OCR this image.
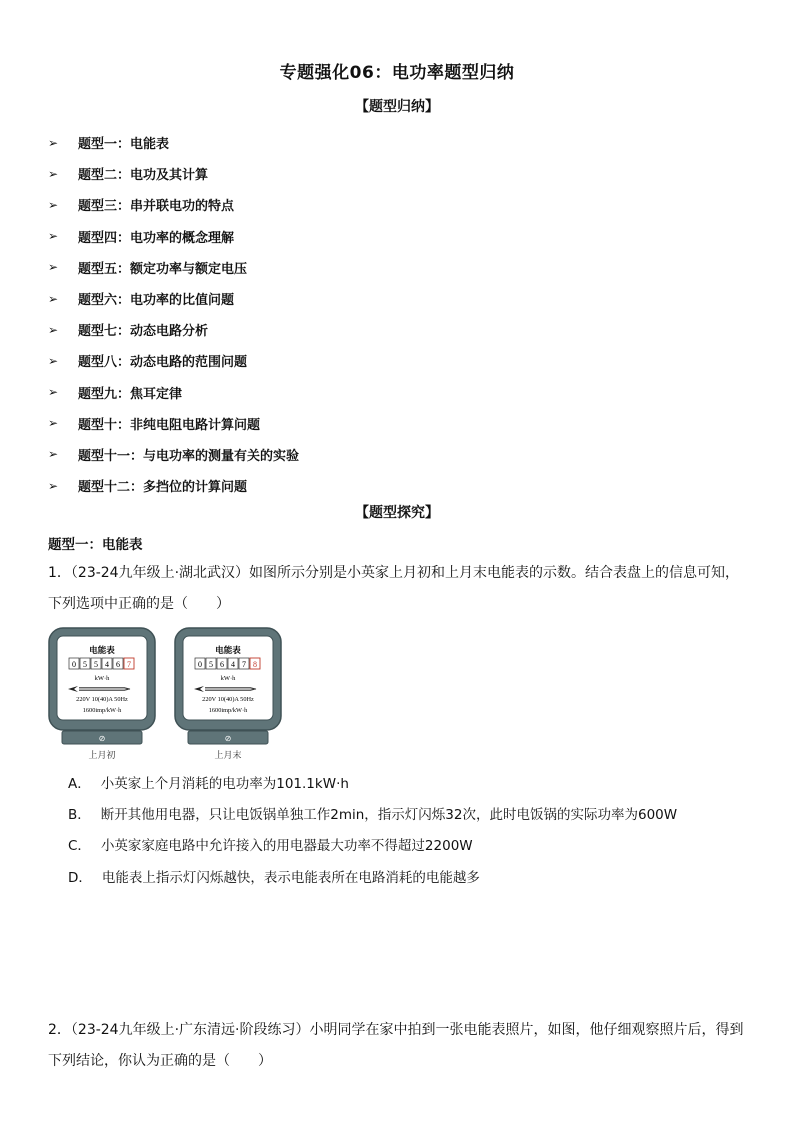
专题强化06：电功率题型归纳
【题型归纳】
➢	题型一：电能表
➢	题型二：电功及其计算
➢	题型三：串并联电功的特点
➢	题型四：电功率的概念理解
➢	题型五：额定功率与额定电压
➢	题型六：电功率的比值问题
➢	题型七：动态电路分析
➢	题型八：动态电路的范围问题
➢	题型九：焦耳定律
➢	题型十：非纯电阻电路计算问题
➢	题型十一：与电功率的测量有关的实验
➢	题型十二：多挡位的计算问题
【题型探究】
题型一：电能表
1．（23-24九年级上·湖北武汉）如图所示分别是小英家上月初和上月末电能表的示数。结合表盘上的信息可知，下列选项中正确的是（　　）
电能表
0 5 5 4 6 7
kW·h
220V 10(40)A 50Hz
1600imp/kW·h
⊘
上月初
电能表
0 5 6 4 7 8
kW·h
220V 10(40)A 50Hz
1600imp/kW·h
⊘
上月末
A． 小英家上个月消耗的电功率为101.1kW·h
B． 断开其他用电器，只让电饭锅单独工作2min，指示灯闪烁32次，此时电饭锅的实际功率为600W
C． 小英家家庭电路中允许接入的用电器最大功率不得超过2200W
D． 电能表上指示灯闪烁越快，表示电能表所在电路消耗的电能越多
2．（23-24九年级上·广东清远·阶段练习）小明同学在家中拍到一张电能表照片，如图，他仔细观察照片后，得到下列结论，你认为正确的是（　　）
